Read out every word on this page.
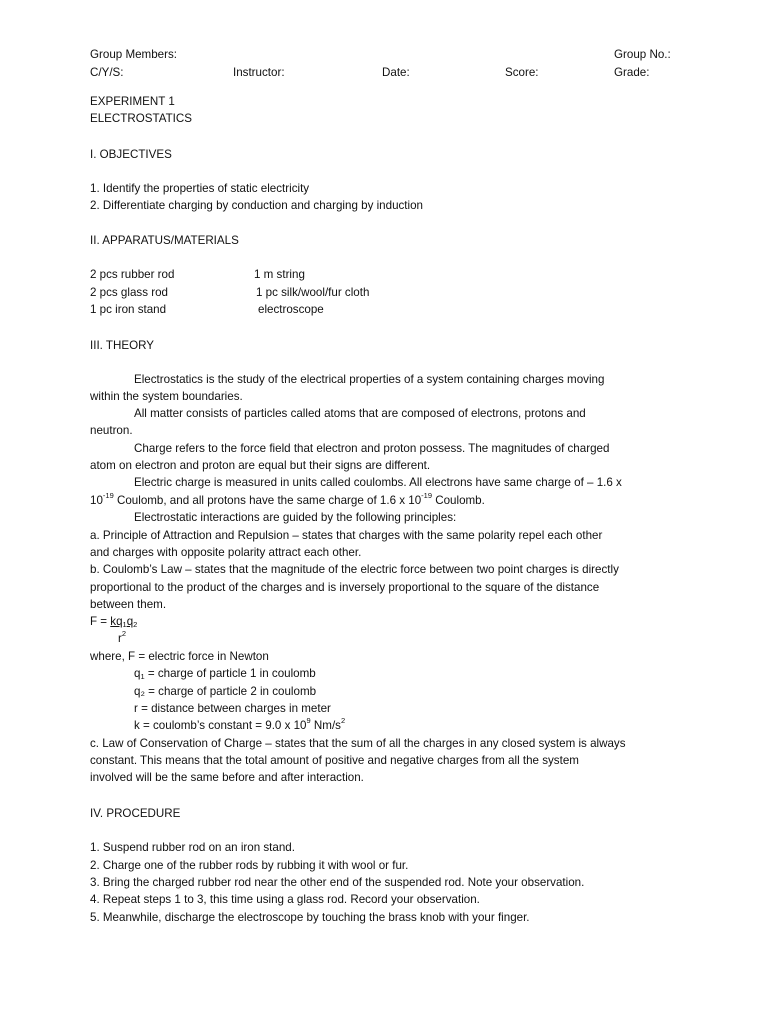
Group Members:	Group No.:
C/Y/S:	Instructor:	Date:	Score:	Grade:
EXPERIMENT 1
ELECTROSTATICS
I. OBJECTIVES
1. Identify the properties of static electricity
2. Differentiate charging by conduction and charging by induction
II. APPARATUS/MATERIALS
2 pcs rubber rod	1 m string
2 pcs glass rod	1 pc silk/wool/fur cloth
1 pc iron stand	electroscope
III. THEORY
Electrostatics is the study of the electrical properties of a system containing charges moving
within the system boundaries.
All matter consists of particles called atoms that are composed of electrons, protons and
neutron.
Charge refers to the force field that electron and proton possess. The magnitudes of charged
atom on electron and proton are equal but their signs are different.
Electric charge is measured in units called coulombs. All electrons have same charge of – 1.6 x
$10^{-19}$ Coulomb, and all protons have the same charge of 1.6 x $10^{-19}$ Coulomb.
Electrostatic interactions are guided by the following principles:
a. Principle of Attraction and Repulsion – states that charges with the same polarity repel each other
and charges with opposite polarity attract each other.
b. Coulomb’s Law – states that the magnitude of the electric force between two point charges is directly
proportional to the product of the charges and is inversely proportional to the square of the distance
between them.
$F = kq_1q_2$
$r^2$
where, F = electric force in Newton
$q_1$ = charge of particle 1 in coulomb
q₂ = charge of particle 2 in coulomb
r = distance between charges in meter
k = coulomb’s constant = 9.0 x $10^9$ $Nm/s^2$
c. Law of Conservation of Charge – states that the sum of all the charges in any closed system is always
constant. This means that the total amount of positive and negative charges from all the system
involved will be the same before and after interaction.
IV. PROCEDURE
1. Suspend rubber rod on an iron stand.
2. Charge one of the rubber rods by rubbing it with wool or fur.
3. Bring the charged rubber rod near the other end of the suspended rod. Note your observation.
4. Repeat steps 1 to 3, this time using a glass rod. Record your observation.
5. Meanwhile, discharge the electroscope by touching the brass knob with your finger.
